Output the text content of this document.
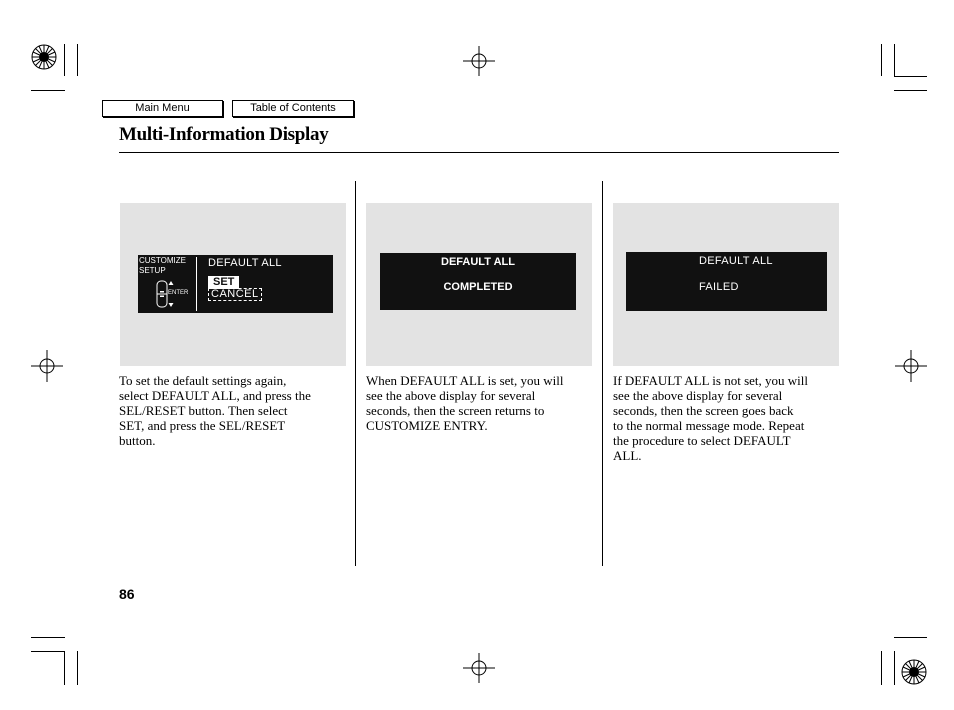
Main Menu	Table of Contents
Multi-Information Display
CUSTOMIZE
SETUP
ENTER
DEFAULT ALL
SET
CANCEL
DEFAULT ALL
COMPLETED
DEFAULT ALL
FAILED
To set the default settings again,
select DEFAULT ALL, and press the
SEL/RESET button. Then select
SET, and press the SEL/RESET
button.
When DEFAULT ALL is set, you will
see the above display for several
seconds, then the screen returns to
CUSTOMIZE ENTRY.
If DEFAULT ALL is not set, you will
see the above display for several
seconds, then the screen goes back
to the normal message mode. Repeat
the procedure to select DEFAULT
ALL.
86
